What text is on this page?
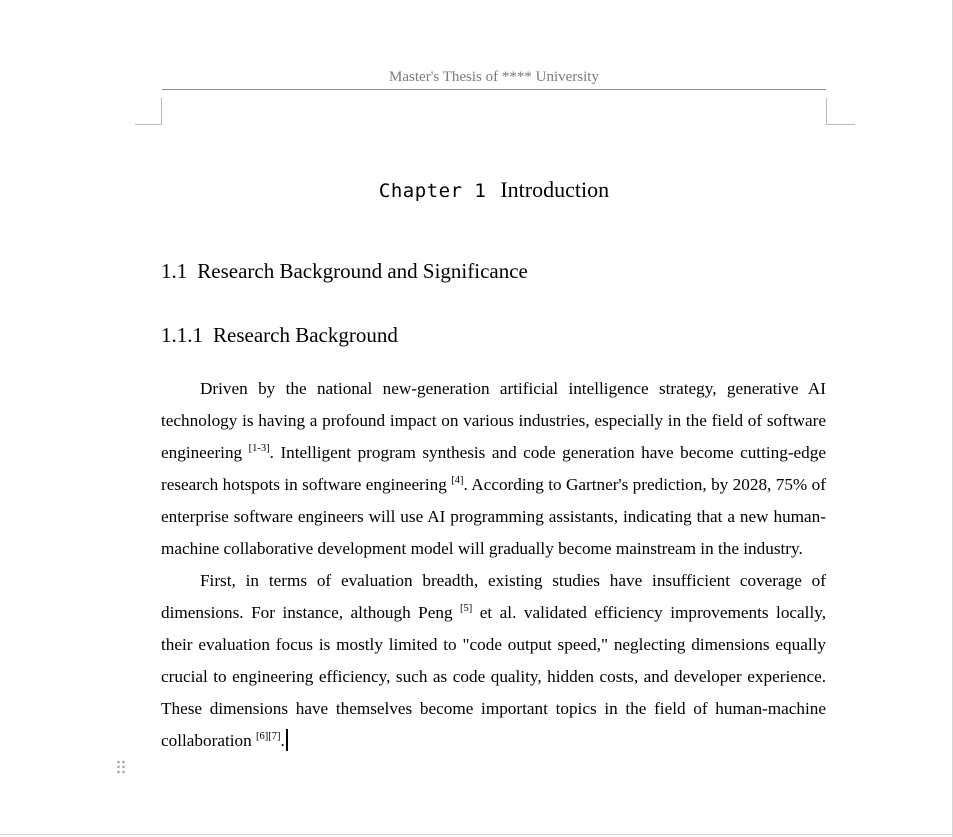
Master's Thesis of **** University
Chapter 1 Introduction
1.1 Research Background and Significance
1.1.1 Research Background

Driven by the national new-generation artificial intelligence strategy, generative AI technology is having a profound impact on various industries, especially in the field of software engineering [1-3]. Intelligent program synthesis and code generation have become cutting-edge research hotspots in software engineering [4]. According to Gartner's prediction, by 2028, 75% of enterprise software engineers will use AI programming assistants, indicating that a new human-machine collaborative development model will gradually become mainstream in the industry.

First, in terms of evaluation breadth, existing studies have insufficient coverage of dimensions. For instance, although Peng [5] et al. validated efficiency improvements locally, their evaluation focus is mostly limited to "code output speed," neglecting dimensions equally crucial to engineering efficiency, such as code quality, hidden costs, and developer experience. These dimensions have themselves become important topics in the field of human-machine collaboration [6][7].
